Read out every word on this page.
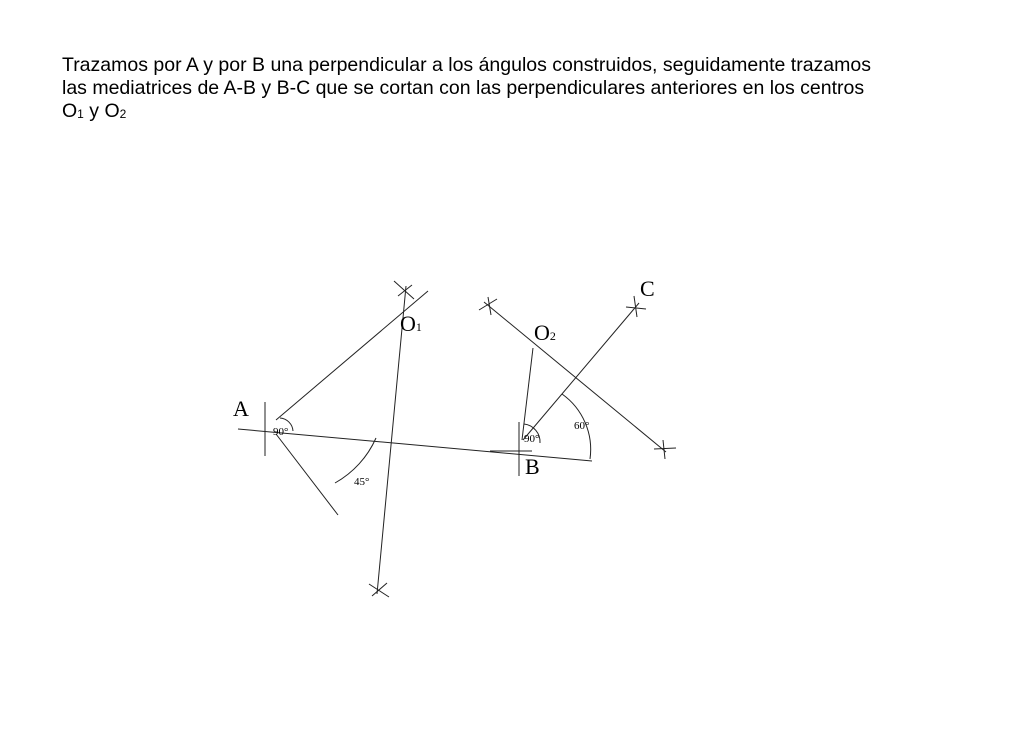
Trazamos por A y por B una perpendicular a los ángulos construidos, seguidamente trazamos
las mediatrices de A-B y B-C que se cortan con las perpendiculares anteriores en los centros
$O_1$ y $O_2$
A
B
C
O1	O2
90°
45°
90°
60°
